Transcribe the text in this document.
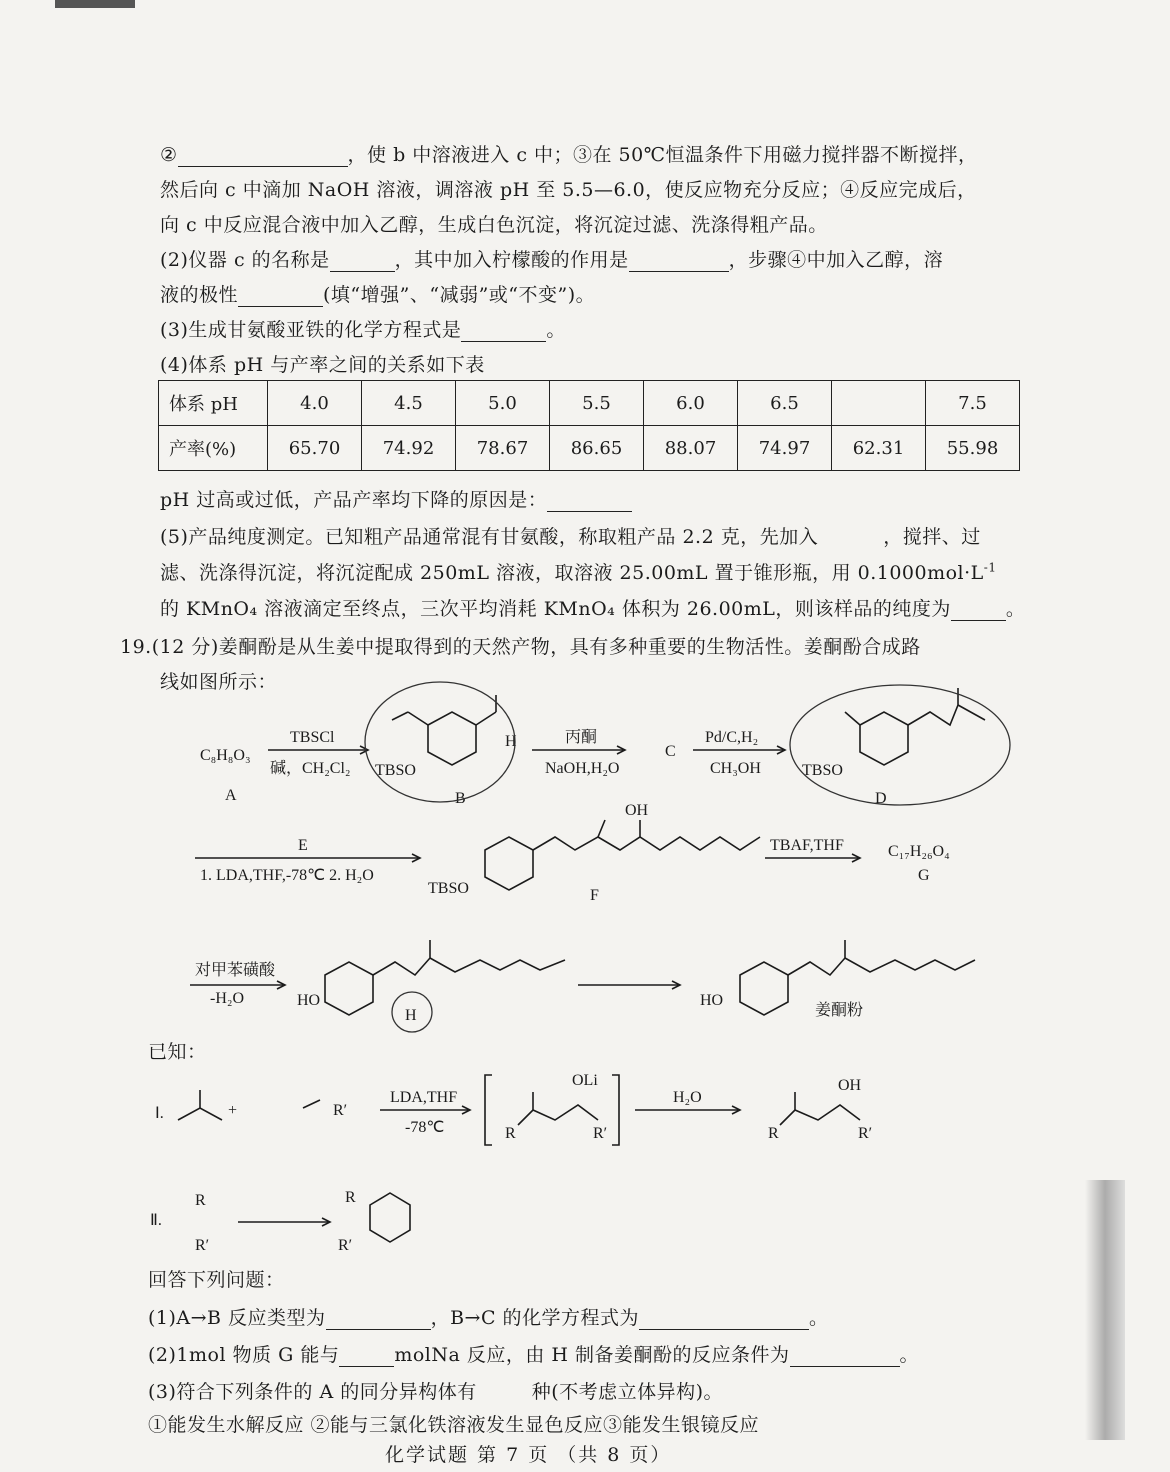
②	，使 b 中溶液进入 c 中；③在 50℃恒温条件下用磁力搅拌器不断搅拌，
然后向 c 中滴加 NaOH 溶液，调溶液 pH 至 5.5—6.0，使反应物充分反应；④反应完成后，
向 c 中反应混合液中加入乙醇，生成白色沉淀，将沉淀过滤、洗涤得粗产品。
(2)仪器 c 的名称是	，其中加入柠檬酸的作用是	，步骤④中加入乙醇，溶
液的极性	(填“增强”、“减弱”或“不变”)。
(3)生成甘氨酸亚铁的化学方程式是	。
(4)体系 pH 与产率之间的关系如下表
体系 pH	4.0	4.5	5.0	5.5	6.0	6.5		7.5
产率(%)	65.70	74.92	78.67	86.65	88.07	74.97	62.31	55.98
pH 过高或过低，产品产率均下降的原因是：
(5)产品纯度测定。已知粗产品通常混有甘氨酸，称取粗产品 2.2 克，先加入	，搅拌、过
滤、洗涤得沉淀，将沉淀配成 250mL 溶液，取溶液 25.00mL 置于锥形瓶，用 $0.1000mol\cdot L^{-1}$
的 KMnO₄ 溶液滴定至终点，三次平均消耗 KMnO₄ 体积为 26.00mL，则该样品的纯度为	。
19.(12 分)姜酮酚是从生姜中提取得到的天然产物，具有多种重要的生物活性。姜酮酚合成路
线如图所示：
C₈H₈O₃
A
TBSCl
碱，CH₂Cl₂
H
TBSO
B
丙酮
NaOH,H₂O
C
Pd/C,H₂
CH₃OH	TBSO
D
E
1. LDA,THF,-78℃ 2. H₂O
OH
TBSO	F
TBAF,THF	C₁₇H₂₆O₄
G
对甲苯磺酸
-H₂O	HO
H
HO
姜酮粉
Ⅰ.	+	R′
LDA,THF
-78℃	R
OLi
R′
H₂O
R
OH
R′
Ⅱ.
R
R′
R
R′
已知：
回答下列问题：
(1)A→B 反应类型为	，B→C 的化学方程式为	。
(2)1mol 物质 G 能与	molNa 反应，由 H 制备姜酮酚的反应条件为	。
(3)符合下列条件的 A 的同分异构体有	种(不考虑立体异构)。
①能发生水解反应 ②能与三氯化铁溶液发生显色反应③能发生银镜反应
化学试题 第 7 页 （共 8 页）
